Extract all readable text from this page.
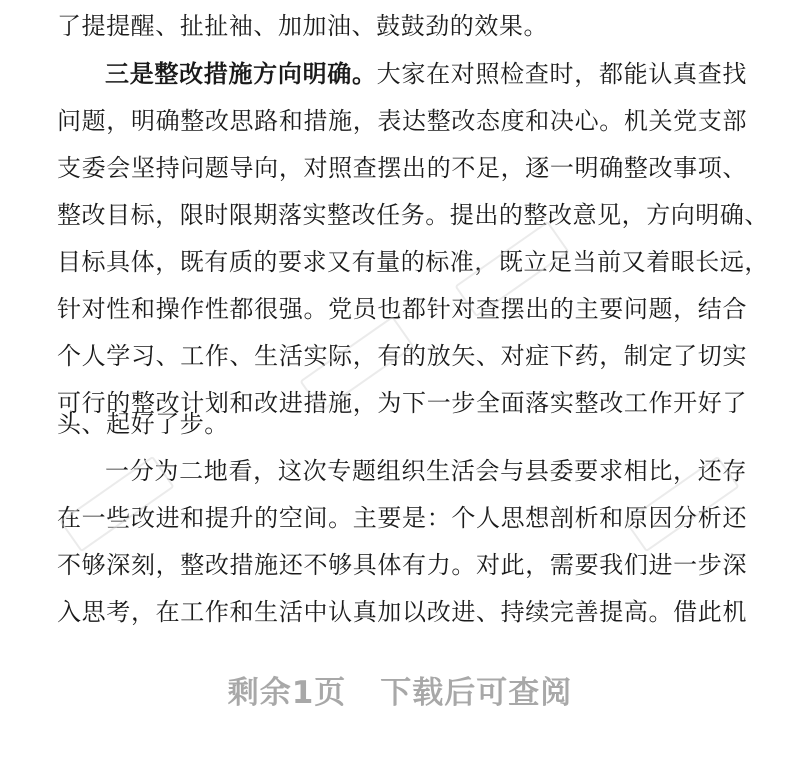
了提提醒、扯扯袖、加加油、鼓鼓劲的效果。
三是整改措施方向明确。大家在对照检查时，都能认真查找
问题，明确整改思路和措施，表达整改态度和决心。机关党支部
支委会坚持问题导向，对照查摆出的不足，逐一明确整改事项、
整改目标，限时限期落实整改任务。提出的整改意见，方向明确、
目标具体，既有质的要求又有量的标准，既立足当前又着眼长远，
针对性和操作性都很强。党员也都针对查摆出的主要问题，结合
个人学习、工作、生活实际，有的放矢、对症下药，制定了切实
可行的整改计划和改进措施，为下一步全面落实整改工作开好了
头、起好了步。
一分为二地看，这次专题组织生活会与县委要求相比，还存
在一些改进和提升的空间。主要是：个人思想剖析和原因分析还
不够深刻，整改措施还不够具体有力。对此，需要我们进一步深
入思考，在工作和生活中认真加以改进、持续完善提高。借此机
剩余1页 下载后可查阅
